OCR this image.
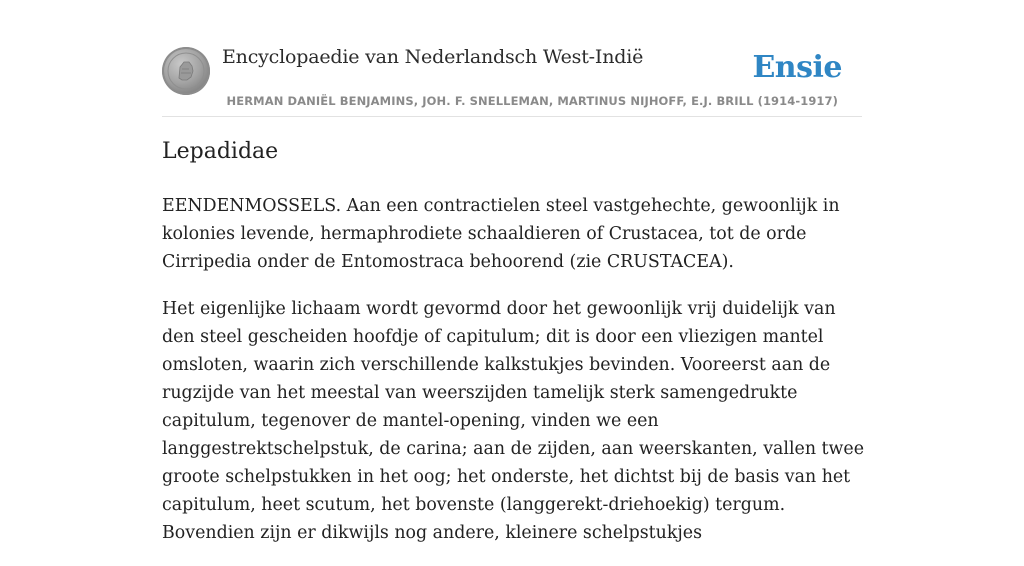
Encyclopaedie van Nederlandsch West-Indië	Ensie
HERMAN DANIËL BENJAMINS, JOH. F. SNELLEMAN, MARTINUS NIJHOFF, E.J. BRILL (1914-1917)
Lepadidae

EENDENMOSSELS. Aan een contractielen steel vastgehechte, gewoonlijk in kolonies levende, hermaphrodiete schaaldieren of Crustacea, tot de orde Cirripedia onder de Entomostraca behoorend (zie CRUSTACEA).

Het eigenlijke lichaam wordt gevormd door het gewoonlijk vrij duidelijk van den steel gescheiden hoofdje of capitulum; dit is door een vliezigen mantel omsloten, waarin zich verschillende kalkstukjes bevinden. Vooreerst aan de rugzijde van het meestal van weerszijden tamelijk sterk samengedrukte capitulum, tegenover de mantel-opening, vinden we een langgestrektschelpstuk, de carina; aan de zijden, aan weerskanten, vallen twee groote schelpstukken in het oog; het onderste, het dichtst bij de basis van het capitulum, heet scutum, het bovenste (langgerekt-driehoekig) tergum. Bovendien zijn er dikwijls nog andere, kleinere schelpstukjes
